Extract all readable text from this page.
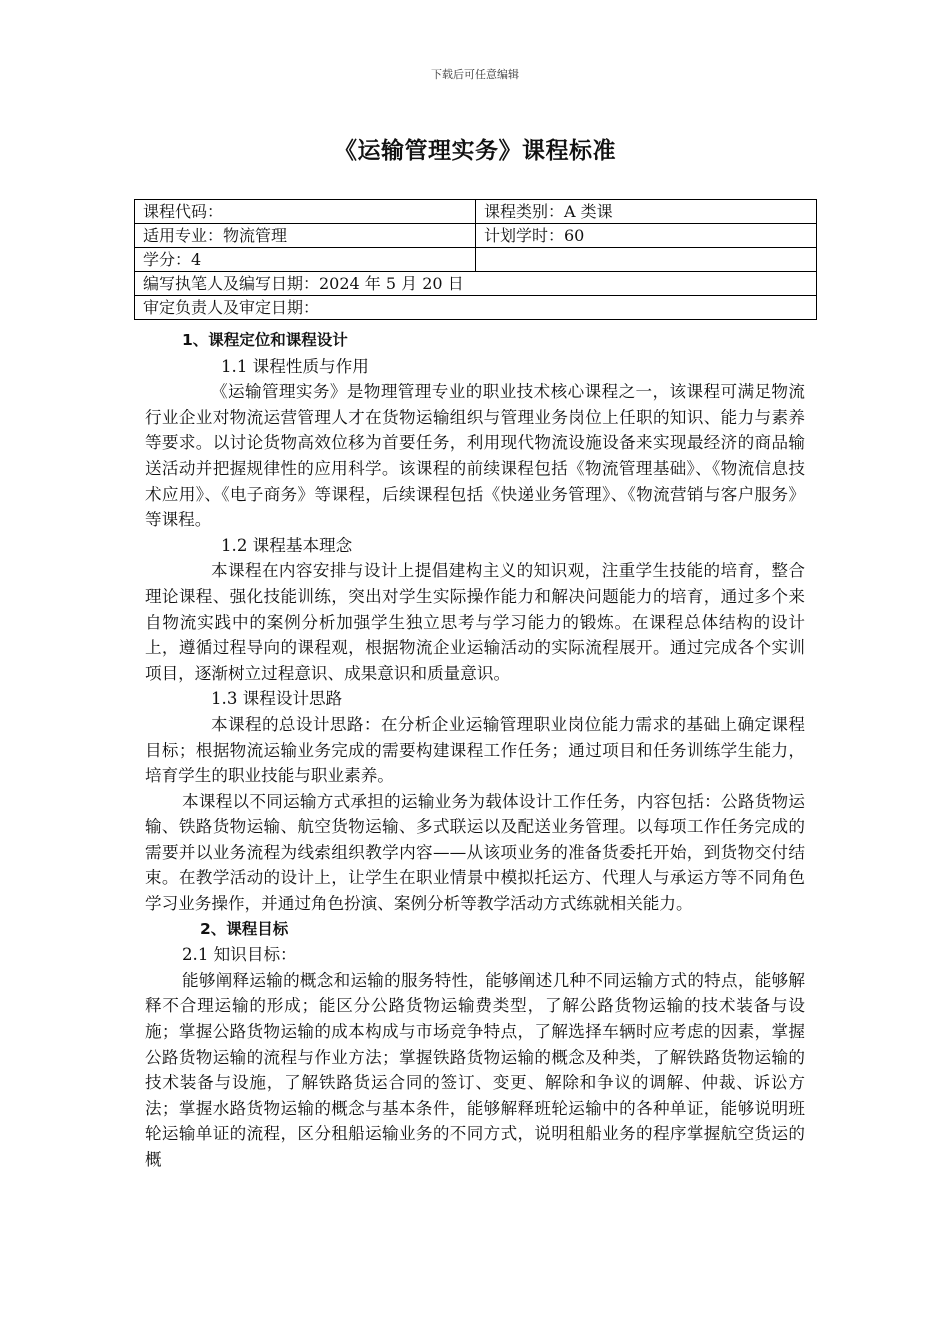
下载后可任意编辑
《运输管理实务》课程标准
课程代码：	课程类别：A 类课
适用专业：物流管理	计划学时：60
学分：4	
编写执笔人及编写日期：2024 年 5 月 20 日	
审定负责人及审定日期：	

1、课程定位和课程设计

1.1 课程性质与作用

《运输管理实务》是物理管理专业的职业技术核心课程之一，该课程可满足物流行业企业对物流运营管理人才在货物运输组织与管理业务岗位上任职的知识、能力与素养等要求。以讨论货物高效位移为首要任务，利用现代物流设施设备来实现最经济的商品输送活动并把握规律性的应用科学。该课程的前续课程包括《物流管理基础》、《物流信息技术应用》、《电子商务》等课程，后续课程包括《快递业务管理》、《物流营销与客户服务》等课程。

1.2 课程基本理念

本课程在内容安排与设计上提倡建构主义的知识观，注重学生技能的培育，整合理论课程、强化技能训练，突出对学生实际操作能力和解决问题能力的培育，通过多个来自物流实践中的案例分析加强学生独立思考与学习能力的锻炼。在课程总体结构的设计上，遵循过程导向的课程观，根据物流企业运输活动的实际流程展开。通过完成各个实训项目，逐渐树立过程意识、成果意识和质量意识。

1.3 课程设计思路

本课程的总设计思路：在分析企业运输管理职业岗位能力需求的基础上确定课程目标；根据物流运输业务完成的需要构建课程工作任务；通过项目和任务训练学生能力，培育学生的职业技能与职业素养。

本课程以不同运输方式承担的运输业务为载体设计工作任务，内容包括：公路货物运输、铁路货物运输、航空货物运输、多式联运以及配送业务管理。以每项工作任务完成的需要并以业务流程为线索组织教学内容——从该项业务的准备货委托开始，到货物交付结束。在教学活动的设计上，让学生在职业情景中模拟托运方、代理人与承运方等不同角色学习业务操作，并通过角色扮演、案例分析等教学活动方式练就相关能力。

2、课程目标

2.1 知识目标：

能够阐释运输的概念和运输的服务特性，能够阐述几种不同运输方式的特点，能够解释不合理运输的形成；能区分公路货物运输费类型，了解公路货物运输的技术装备与设施；掌握公路货物运输的成本构成与市场竞争特点，了解选择车辆时应考虑的因素，掌握公路货物运输的流程与作业方法；掌握铁路货物运输的概念及种类，了解铁路货物运输的技术装备与设施，了解铁路货运合同的签订、变更、解除和争议的调解、仲裁、诉讼方法；掌握水路货物运输的概念与基本条件，能够解释班轮运输中的各种单证，能够说明班轮运输单证的流程，区分租船运输业务的不同方式，说明租船业务的程序掌握航空货运的概
